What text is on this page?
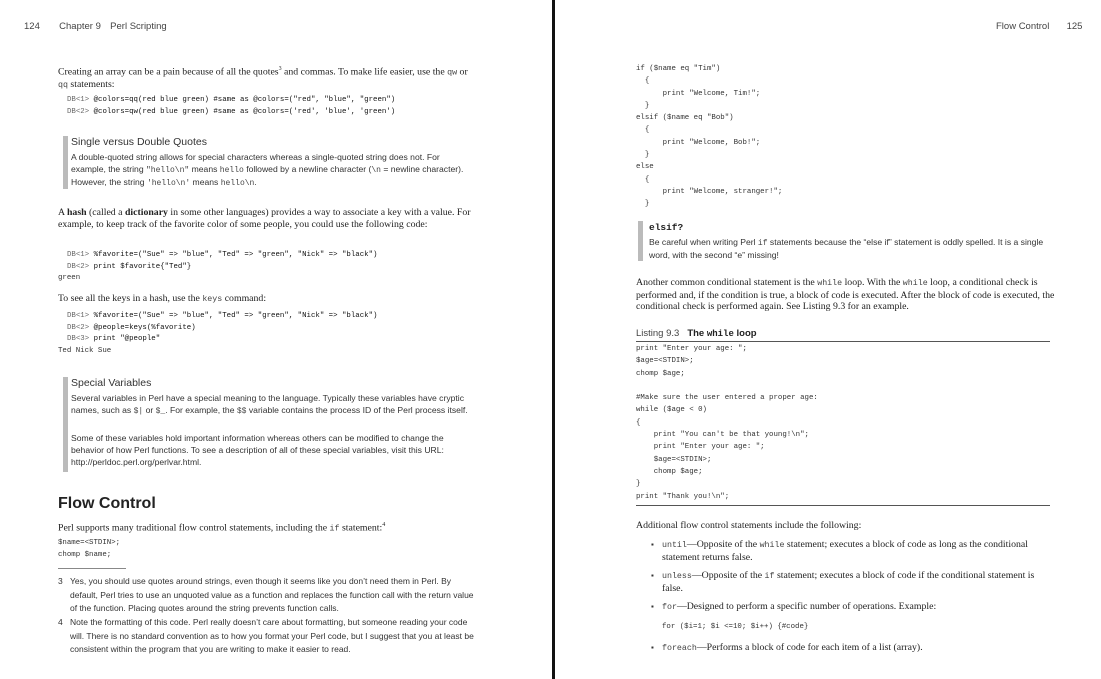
124 Chapter 9 Perl Scripting
Creating an array can be a pain because of all the quotes$^3$ and commas. To make life easier, use the qw or qq statements:
DB<1> @colors=qq(red blue green) #same as @colors=("red", "blue", "green")
DB<2> @colors=qw(red blue green) #same as @colors=('red', 'blue', 'green')
Single versus Double Quotes
A double-quoted string allows for special characters whereas a single-quoted string does not. For example, the string "hello\n" means hello followed by a newline character (\n = newline character). However, the string 'hello\n' means hello\n.
A hash (called a dictionary in some other languages) provides a way to associate a key with a value. For example, to keep track of the favorite color of some people, you could use the following code:
DB<1> %favorite=("Sue" => "blue", "Ted" => "green", "Nick" => "black")
DB<2> print $favorite{"Ted"}
green
To see all the keys in a hash, use the keys command:
DB<1> %favorite=("Sue" => "blue", "Ted" => "green", "Nick" => "black")
DB<2> @people=keys(%favorite)
DB<3> print "@people"
Ted Nick Sue
Special Variables
Several variables in Perl have a special meaning to the language. Typically these variables have cryptic names, such as $| or $_. For example, the $$ variable contains the process ID of the Perl process itself.
Some of these variables hold important information whereas others can be modified to change the behavior of how Perl functions. To see a description of all of these special variables, visit this URL: http://perldoc.perl.org/perlvar.html.
Flow Control
Perl supports many traditional flow control statements, including the if statement:$^4$
$name=<STDIN>;
chomp $name;
3 Yes, you should use quotes around strings, even though it seems like you don’t need them in Perl. By default, Perl tries to use an unquoted value as a function and replaces the function call with the return value of the function. Placing quotes around the string prevents function calls.
4 Note the formatting of this code. Perl really doesn’t care about formatting, but someone reading your code will. There is no standard convention as to how you format your Perl code, but I suggest that you at least be consistent within the program that you are writing to make it easier to read.
Flow Control 125
if ($name eq "Tim")
{
print "Welcome, Tim!";
}
elsif ($name eq "Bob")
{
print "Welcome, Bob!";
}
else
{
print "Welcome, stranger!";
}
elsif?
Be careful when writing Perl if statements because the “else if” statement is oddly spelled. It is a single word, with the second “e” missing!
Another common conditional statement is the while loop. With the while loop, a conditional check is performed and, if the condition is true, a block of code is executed. After the block of code is executed, the conditional check is performed again. See Listing 9.3 for an example.
Listing 9.3 The while loop
print "Enter your age: ";
$age=<STDIN>;
chomp $age;

#Make sure the user entered a proper age:
while ($age < 0)
{
print "You can't be that young!\n";
print "Enter your age: ";
$age=<STDIN>;
chomp $age;
}
print "Thank you!\n";
Additional flow control statements include the following:
▪ until—Opposite of the while statement; executes a block of code as long as the conditional statement returns false.
▪ unless—Opposite of the if statement; executes a block of code if the conditional statement is false.
▪ for—Designed to perform a specific number of operations. Example:
for ($i=1; $i <=10; $i++) {#code}
▪ foreach—Performs a block of code for each item of a list (array).
